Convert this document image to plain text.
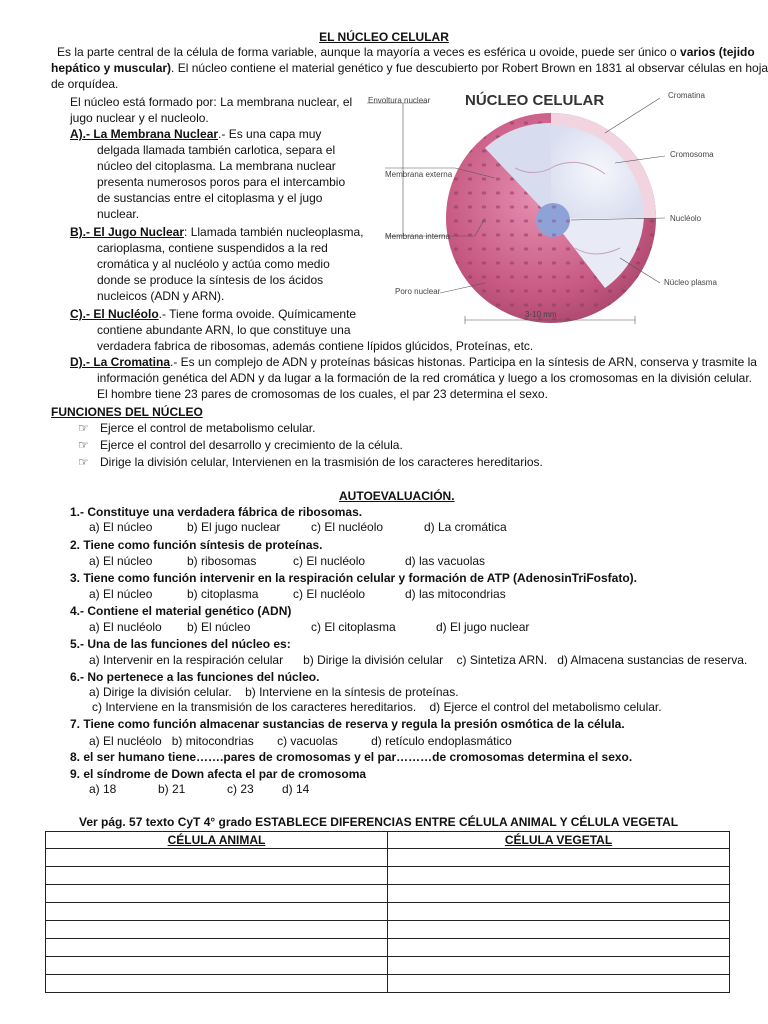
EL NÚCLEO CELULAR
Es la parte central de la célula de forma variable, aunque la mayoría a veces es esférica u ovoide, puede ser único o varios (tejido
hepático y muscular). El núcleo contiene el material genético y fue descubierto por Robert Brown en 1831 al observar células en hoja
de orquídea.
El núcleo está formado por: La membrana nuclear, el
jugo nuclear y el nucleolo.
A).- La Membrana Nuclear.- Es una capa muy
delgada llamada también carlotica, separa el
núcleo del citoplasma. La membrana nuclear
presenta numerosos poros para el intercambio
de sustancias entre el citoplasma y el jugo
nuclear.
B).- El Jugo Nuclear: Llamada también nucleoplasma,
carioplasma, contiene suspendidos a la red
cromática y al nucléolo y actúa como medio
donde se produce la síntesis de los ácidos
nucleicos (ADN y ARN).
C).- El Nucléolo.- Tiene forma ovoide. Químicamente
contiene abundante ARN, lo que constituye una
verdadera fabrica de ribosomas, además contiene lípidos glúcidos, Proteínas, etc.
D).- La Cromatina.- Es un complejo de ADN y proteínas básicas histonas. Participa en la síntesis de ARN, conserva y trasmite la
información genética del ADN y da lugar a la formación de la red cromática y luego a los cromosomas en la división celular.
El hombre tiene 23 pares de cromosomas de los cuales, el par 23 determina el sexo.
NÚCLEO CELULAR
Envoltura nuclear
Cromatina
Cromosoma
Membrana externa
Nucléolo
Membrana interna
Poro nuclear
Núcleo plasma
3-10 mm
FUNCIONES DEL NÚCLEO
☞ Ejerce el control de metabolismo celular.
☞ Ejerce el control del desarrollo y crecimiento de la célula.
☞ Dirige la división celular, Intervienen en la trasmisión de los caracteres hereditarios.
AUTOEVALUACIÓN.
1.- Constituye una verdadera fábrica de ribosomas.
a) El núcleo	b) El jugo nuclear	c) El nucléolo	d) La cromática
2. Tiene como función síntesis de proteínas.
a) El núcleo	b) ribosomas	c) El nucléolo	d) las vacuolas
3. Tiene como función intervenir en la respiración celular y formación de ATP (AdenosinTriFosfato).
a) El núcleo	b) citoplasma	c) El nucléolo	d) las mitocondrias
4.- Contiene el material genético (ADN)
a) El nucléolo b) El núcleo	c) El citoplasma	d) El jugo nuclear
5.- Una de las funciones del núcleo es:
a) Intervenir en la respiración celular      b) Dirige la división celular    c) Sintetiza ARN.   d) Almacena sustancias de reserva.
6.- No pertenece a las funciones del núcleo.
a) Dirige la división celular.    b) Interviene en la síntesis de proteínas.
c) Interviene en la transmisión de los caracteres hereditarios.    d) Ejerce el control del metabolismo celular.
7. Tiene como función almacenar sustancias de reserva y regula la presión osmótica de la célula.
a) El nucléolo   b) mitocondrias       c) vacuolas          d) retículo endoplasmático
8. el ser humano tiene…….pares de cromosomas y el par………de cromosomas determina el sexo.
9. el síndrome de Down afecta el par de cromosoma
a) 18	b) 21	c) 23 d) 14
Ver pág. 57 texto CyT 4° grado ESTABLECE DIFERENCIAS ENTRE CÉLULA ANIMAL Y CÉLULA VEGETAL
CÉLULA ANIMAL	CÉLULA VEGETAL
